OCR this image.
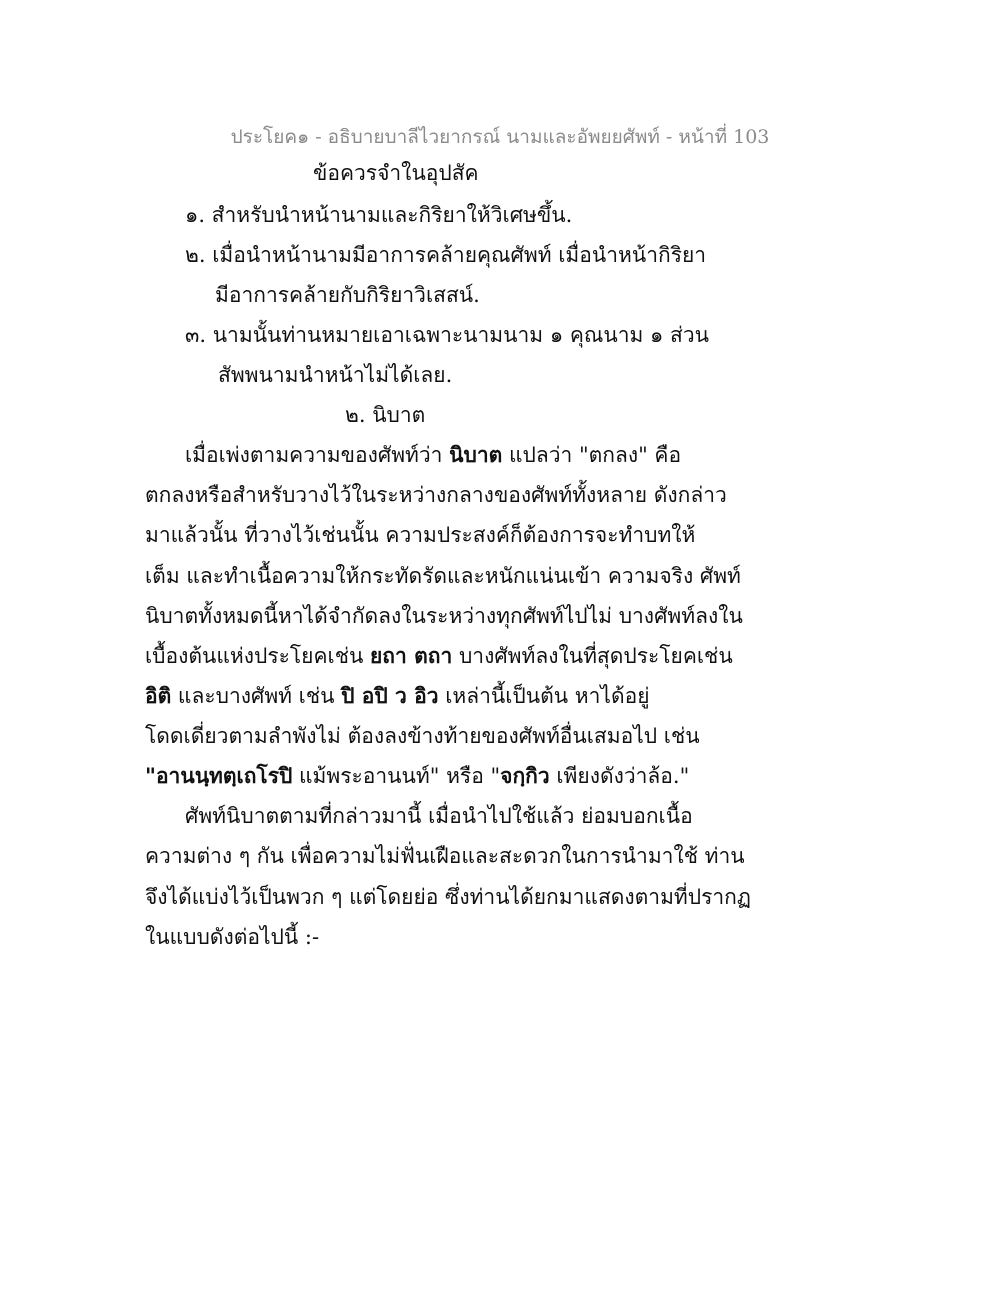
ประโยค๑ - อธิบายบาลีไวยากรณ์ นามและอัพยยศัพท์ - หน้าที่ 103
ข้อควรจำในอุปสัค
๑. สำหรับนำหน้านามและกิริยาให้วิเศษขึ้น.
๒. เมื่อนำหน้านามมีอาการคล้ายคุณศัพท์ เมื่อนำหน้ากิริยา
มีอาการคล้ายกับกิริยาวิเสสน์.
๓. นามนั้นท่านหมายเอาเฉพาะนามนาม ๑ คุณนาม ๑ ส่วน
สัพพนามนำหน้าไม่ได้เลย.
๒. นิบาต
เมื่อเพ่งตามความของศัพท์ว่า นิบาต แปลว่า "ตกลง" คือ
ตกลงหรือสำหรับวางไว้ในระหว่างกลางของศัพท์ทั้งหลาย ดังกล่าว
มาแล้วนั้น ที่วางไว้เช่นนั้น ความประสงค์ก็ต้องการจะทำบทให้
เต็ม และทำเนื้อความให้กระทัดรัดและหนักแน่นเข้า ความจริง ศัพท์
นิบาตทั้งหมดนี้หาได้จำกัดลงในระหว่างทุกศัพท์ไปไม่ บางศัพท์ลงใน
เบื้องต้นแห่งประโยคเช่น ยถา ตถา บางศัพท์ลงในที่สุดประโยคเช่น
อิติ และบางศัพท์ เช่น ปิ อปิ ว อิว เหล่านี้เป็นต้น หาได้อยู่
โดดเดี่ยวตามลำพังไม่ ต้องลงข้างท้ายของศัพท์อื่นเสมอไป เช่น
"อานนฺทตฺเถโรปิ แม้พระอานนท์" หรือ "จกฺกิว เพียงดังว่าล้อ."
ศัพท์นิบาตตามที่กล่าวมานี้ เมื่อนำไปใช้แล้ว ย่อมบอกเนื้อ
ความต่าง ๆ กัน เพื่อความไม่ฟั่นเฝือและสะดวกในการนำมาใช้ ท่าน
จึงได้แบ่งไว้เป็นพวก ๆ แต่โดยย่อ ซึ่งท่านได้ยกมาแสดงตามที่ปรากฏ
ในแบบดังต่อไปนี้ :-
